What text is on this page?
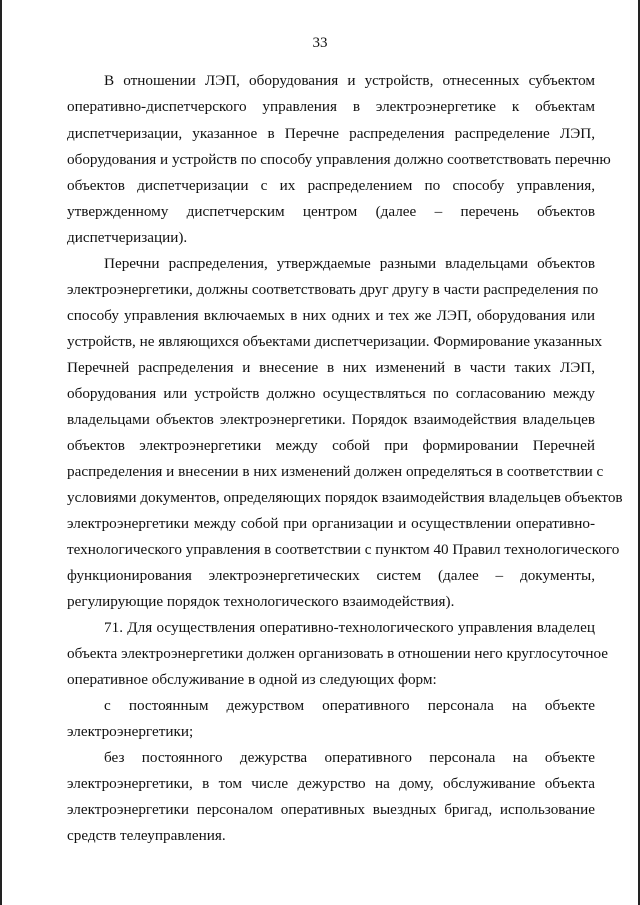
33
В отношении ЛЭП, оборудования и устройств, отнесенных субъектом
оперативно-диспетчерского управления в электроэнергетике к объектам
диспетчеризации, указанное в Перечне распределения распределение ЛЭП,
оборудования и устройств по способу управления должно соответствовать перечню
объектов диспетчеризации с их распределением по способу управления,
утвержденному диспетчерским центром (далее – перечень объектов
диспетчеризации).
Перечни распределения, утверждаемые разными владельцами объектов
электроэнергетики, должны соответствовать друг другу в части распределения по
способу управления включаемых в них одних и тех же ЛЭП, оборудования или
устройств, не являющихся объектами диспетчеризации. Формирование указанных
Перечней распределения и внесение в них изменений в части таких ЛЭП,
оборудования или устройств должно осуществляться по согласованию между
владельцами объектов электроэнергетики. Порядок взаимодействия владельцев
объектов электроэнергетики между собой при формировании Перечней
распределения и внесении в них изменений должен определяться в соответствии с
условиями документов, определяющих порядок взаимодействия владельцев объектов
электроэнергетики между собой при организации и осуществлении оперативно-
технологического управления в соответствии с пунктом 40 Правил технологического
функционирования электроэнергетических систем (далее – документы,
регулирующие порядок технологического взаимодействия).
71. Для осуществления оперативно-технологического управления владелец
объекта электроэнергетики должен организовать в отношении него круглосуточное
оперативное обслуживание в одной из следующих форм:
с постоянным дежурством оперативного персонала на объекте
электроэнергетики;
без постоянного дежурства оперативного персонала на объекте
электроэнергетики, в том числе дежурство на дому, обслуживание объекта
электроэнергетики персоналом оперативных выездных бригад, использование
средств телеуправления.
